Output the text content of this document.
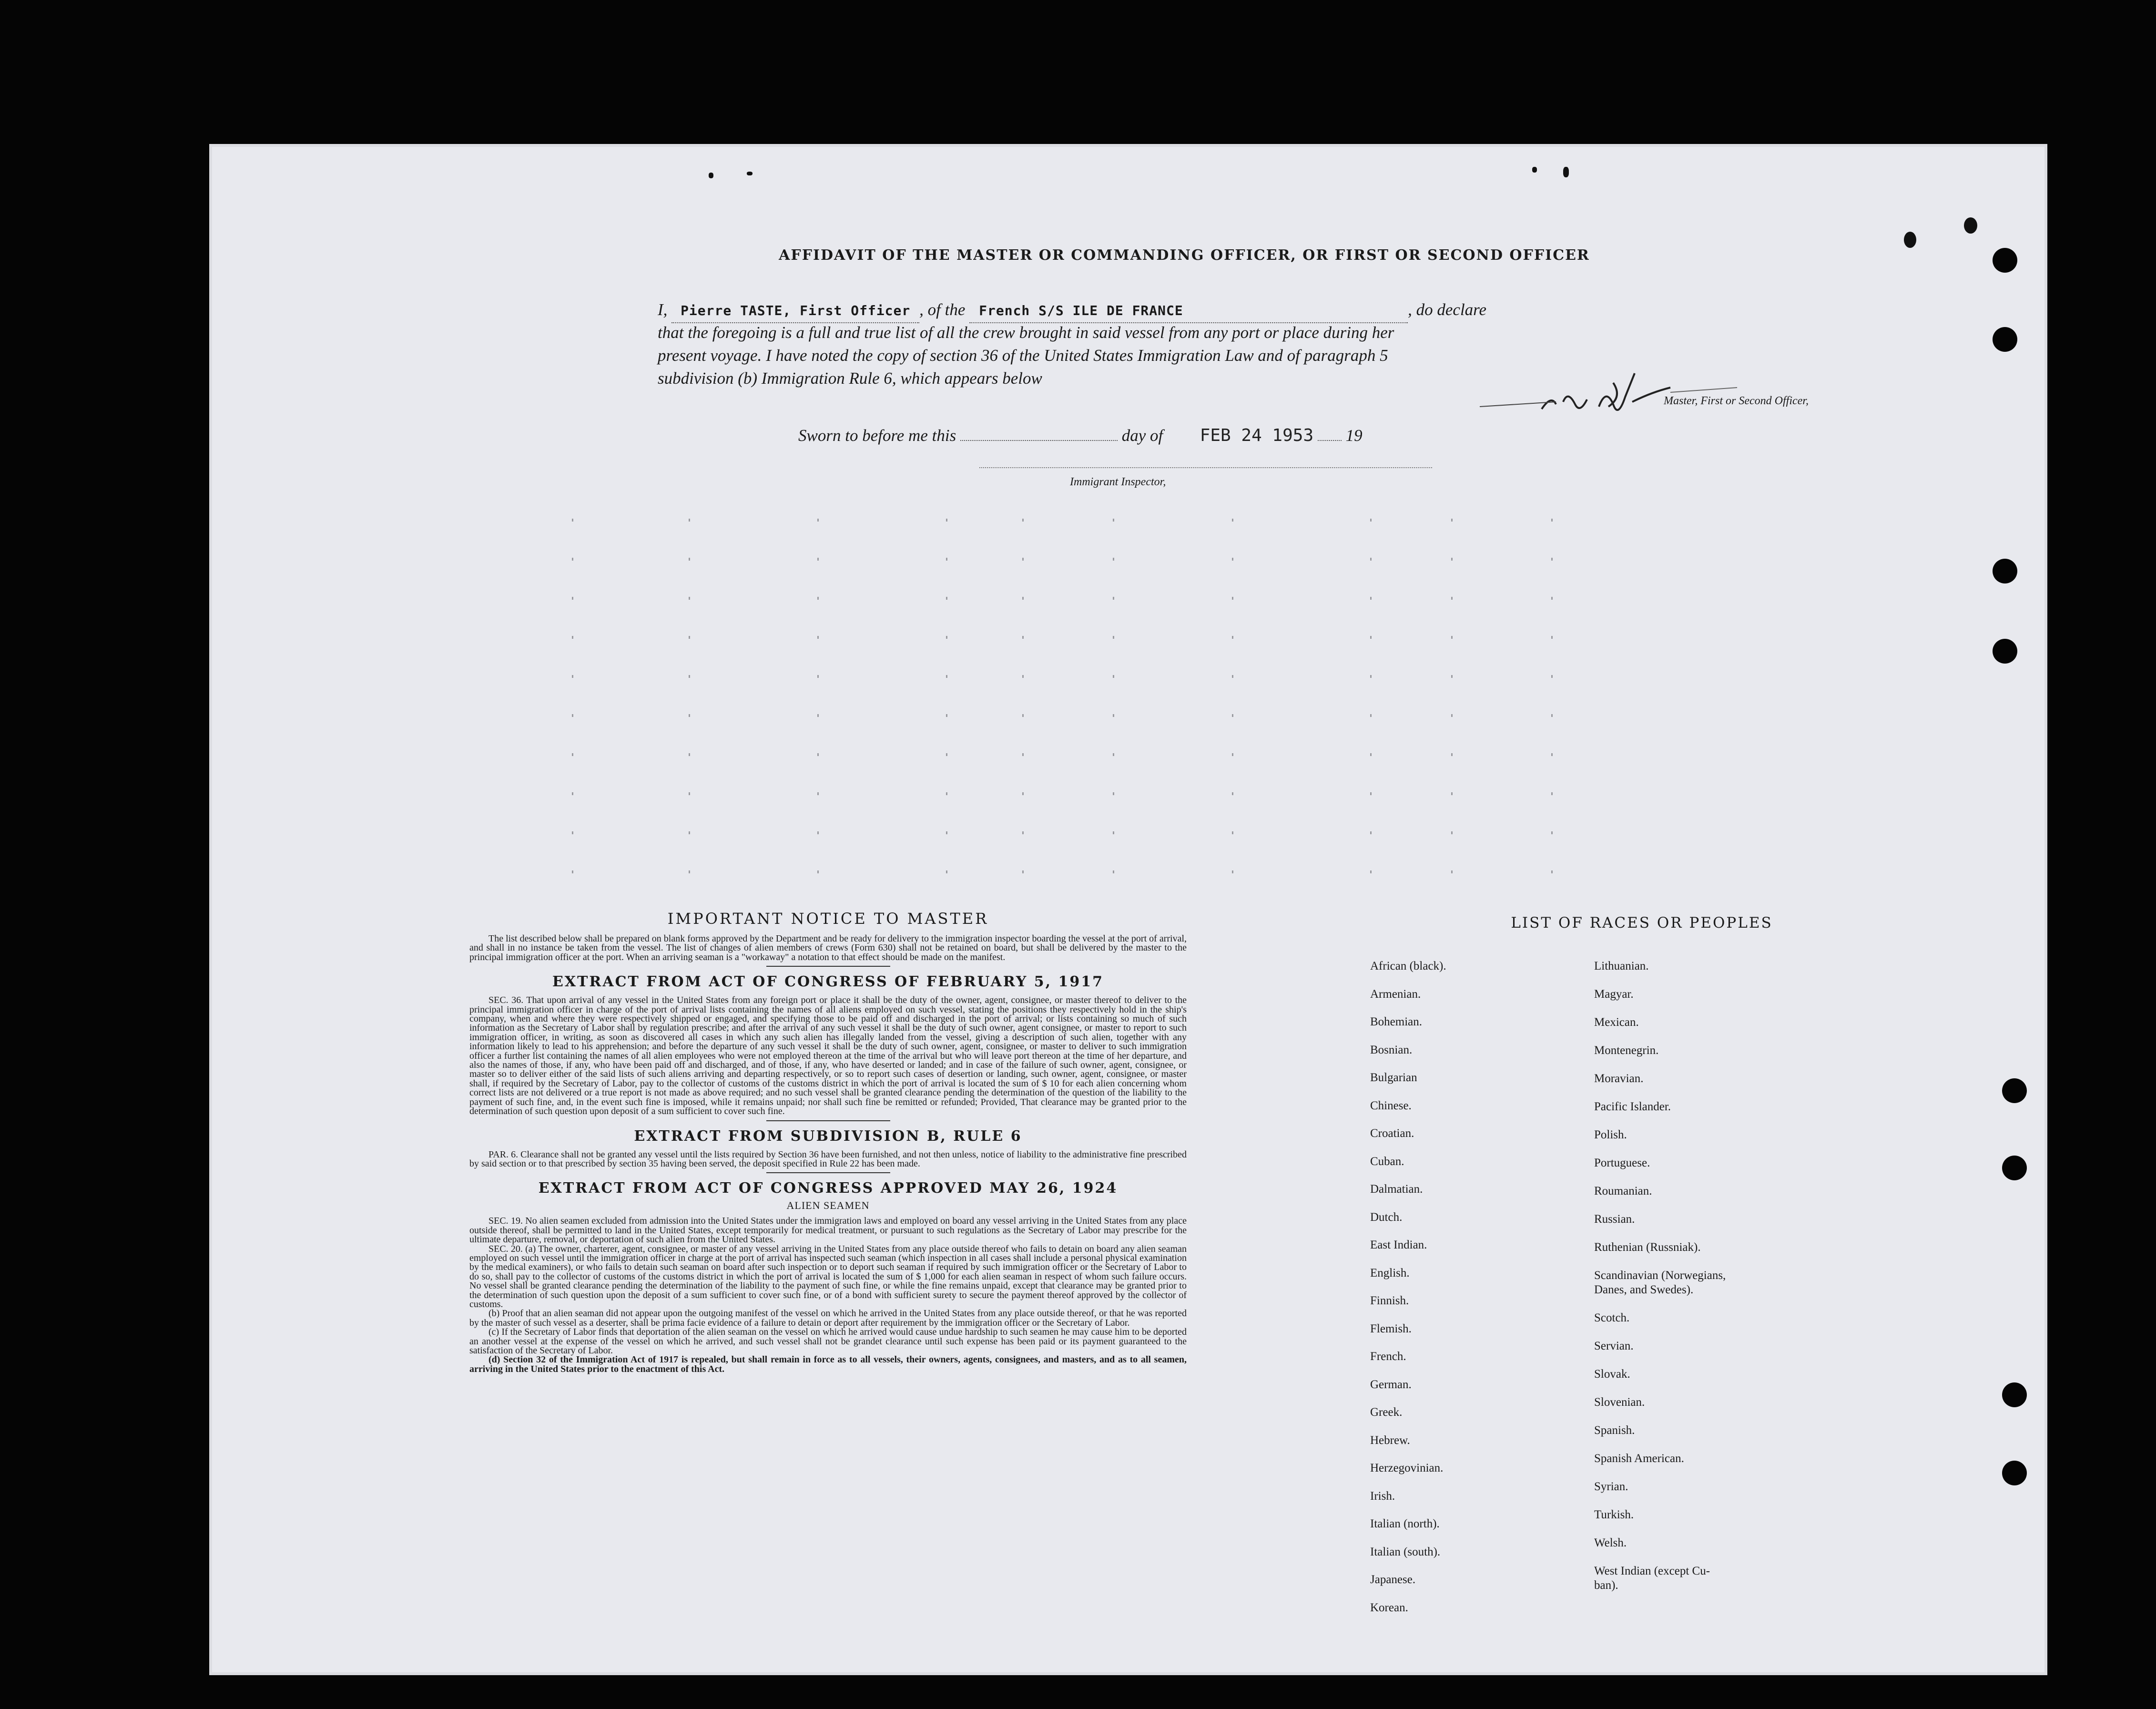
AFFIDAVIT OF THE MASTER OR COMMANDING OFFICER, OR FIRST OR SECOND OFFICER
I, Pierre TASTE, First Officer , of the French S/S ILE DE FRANCE	, do declare
that the foregoing is a full and true list of all the crew brought in said vessel from any port or place during her
present voyage. I have noted the copy of section 36 of the United States Immigration Law and of paragraph 5
subdivision (b) Immigration Rule 6, which appears below
Master, First or Second Officer,
Sworn to before me this	day of FEB 24 1953 19
Immigrant Inspector,
IMPORTANT NOTICE TO MASTER

The list described below shall be prepared on blank forms approved by the Department and be ready for delivery to the immigration inspector boarding the vessel at the port of arrival, and shall in no instance be taken from the vessel. The list of changes of alien members of crews (Form 630) shall not be retained on board, but shall be delivered by the master to the principal immigration officer at the port. When an arriving seaman is a "workaway" a notation to that effect should be made on the manifest.

EXTRACT FROM ACT OF CONGRESS OF FEBRUARY 5, 1917

SEC. 36. That upon arrival of any vessel in the United States from any foreign port or place it shall be the duty of the owner, agent, consignee, or master thereof to deliver to the principal immigration officer in charge of the port of arrival lists containing the names of all aliens employed on such vessel, stating the positions they respectively hold in the ship's company, when and where they were respectively shipped or engaged, and specifying those to be paid off and discharged in the port of arrival; or lists containing so much of such information as the Secretary of Labor shall by regulation prescribe; and after the arrival of any such vessel it shall be the duty of such owner, agent consignee, or master to report to such immigration officer, in writing, as soon as discovered all cases in which any such alien has illegally landed from the vessel, giving a description of such alien, together with any information likely to lead to his apprehension; and before the departure of any such vessel it shall be the duty of such owner, agent, consignee, or master to deliver to such immigration officer a further list containing the names of all alien employees who were not employed thereon at the time of the arrival but who will leave port thereon at the time of her departure, and also the names of those, if any, who have been paid off and discharged, and of those, if any, who have deserted or landed; and in case of the failure of such owner, agent, consignee, or master so to deliver either of the said lists of such aliens arriving and departing respectively, or so to report such cases of desertion or landing, such owner, agent, consignee, or master shall, if required by the Secretary of Labor, pay to the collector of customs of the customs district in which the port of arrival is located the sum of $ 10 for each alien concerning whom correct lists are not delivered or a true report is not made as above required; and no such vessel shall be granted clearance pending the determination of the question of the liability to the payment of such fine, and, in the event such fine is imposed, while it remains unpaid; nor shall such fine be remitted or refunded; Provided, That clearance may be granted prior to the determination of such question upon deposit of a sum sufficient to cover such fine.

EXTRACT FROM SUBDIVISION B, RULE 6

PAR. 6. Clearance shall not be granted any vessel until the lists required by Section 36 have been furnished, and not then unless, notice of liability to the administrative fine prescribed by said section or to that prescribed by section 35 having been served, the deposit specified in Rule 22 has been made.

EXTRACT FROM ACT OF CONGRESS APPROVED MAY 26, 1924
ALIEN SEAMEN

SEC. 19. No alien seamen excluded from admission into the United States under the immigration laws and employed on board any vessel arriving in the United States from any place outside thereof, shall be permitted to land in the United States, except temporarily for medical treatment, or pursuant to such regulations as the Secretary of Labor may prescribe for the ultimate departure, removal, or deportation of such alien from the United States.

SEC. 20. (a) The owner, charterer, agent, consignee, or master of any vessel arriving in the United States from any place outside thereof who fails to detain on board any alien seaman employed on such vessel until the immigration officer in charge at the port of arrival has inspected such seaman (which inspection in all cases shall include a personal physical examination by the medical examiners), or who fails to detain such seaman on board after such inspection or to deport such seaman if required by such immigration officer or the Secretary of Labor to do so, shall pay to the collector of customs of the customs district in which the port of arrival is located the sum of $ 1,000 for each alien seaman in respect of whom such failure occurs. No vessel shall be granted clearance pending the determination of the liability to the payment of such fine, or while the fine remains unpaid, except that clearance may be granted prior to the determination of such question upon the deposit of a sum sufficient to cover such fine, or of a bond with sufficient surety to secure the payment thereof approved by the collector of customs.

(b) Proof that an alien seaman did not appear upon the outgoing manifest of the vessel on which he arrived in the United States from any place outside thereof, or that he was reported by the master of such vessel as a deserter, shall be prima facie evidence of a failure to detain or deport after requirement by the immigration officer or the Secretary of Labor.

(c) If the Secretary of Labor finds that deportation of the alien seaman on the vessel on which he arrived would cause undue hardship to such seamen he may cause him to be deported an another vessel at the expense of the vessel on which he arrived, and such vessel shall not be grandet clearance until such expense has been paid or its payment guaranteed to the satisfaction of the Secretary of Labor.

(d) Section 32 of the Immigration Act of 1917 is repealed, but shall remain in force as to all vessels, their owners, agents, consignees, and masters, and as to all seamen, arriving in the United States prior to the enactment of this Act.

LIST OF RACES OR PEOPLES
African (black).
Armenian.
Bohemian.
Bosnian.
Bulgarian
Chinese.
Croatian.
Cuban.
Dalmatian.
Dutch.
East Indian.
English.
Finnish.
Flemish.
French.
German.
Greek.
Hebrew.
Herzegovinian.
Irish.
Italian (north).
Italian (south).
Japanese.
Korean.
Lithuanian.
Magyar.
Mexican.
Montenegrin.
Moravian.
Pacific Islander.
Polish.
Portuguese.
Roumanian.
Russian.
Ruthenian (Russniak).
Scandinavian (Norwegians,
Danes, and Swedes).
Scotch.
Servian.
Slovak.
Slovenian.
Spanish.
Spanish American.
Syrian.
Turkish.
Welsh.
West Indian (except Cu-
ban).
